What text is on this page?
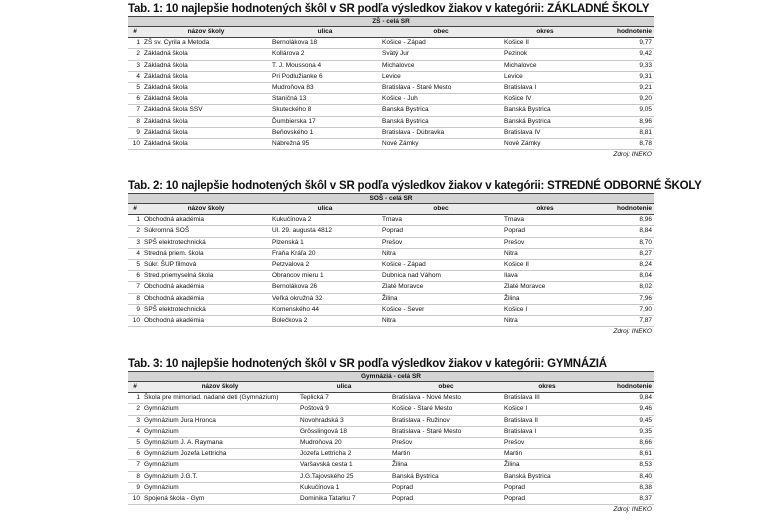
Tab. 1: 10 najlepšie hodnotených škôl v SR podľa výsledkov žiakov v kategórii: ZÁKLADNÉ ŠKOLY
ZŠ - celá SR
#	názov školy	ulica	obec	okres	hodnotenie
1	ZŠ sv. Cyrila a Metoda	Bernolákova 18	Košice - Západ	Košice II	9,77
2	Základná škola	Kollárova 2	Svätý Jur	Pezinok	9,42
3	Základná škola	T. J. Moussona 4	Michalovce	Michalovce	9,33
4	Základná škola	Pri Podlužianke 6	Levice	Levice	9,31
5	Základná škola	Mudroňova 83	Bratislava - Staré Mesto	Bratislava I	9,21
6	Základná škola	Staničná 13	Košice - Juh	Košice IV	9,20
7	Základná škola SSV	Skuteckého 8	Banská Bystrica	Banská Bystrica	9,05
8	Základná škola	Ďumbierska 17	Banská Bystrica	Banská Bystrica	8,96
9	Základná škola	Beňovského 1	Bratislava - Dúbravka	Bratislava IV	8,81
10	Základná škola	Nábrežná 95	Nové Zámky	Nové Zámky	8,78
Zdroj: INEKO
Tab. 2: 10 najlepšie hodnotených škôl v SR podľa výsledkov žiakov v kategórii: STREDNÉ ODBORNÉ ŠKOLY
SOŠ - celá SR
#	názov školy	ulica	obec	okres	hodnotenie
1	Obchodná akadémia	Kukučínova 2	Trnava	Trnava	8,96
2	Súkromná SOŠ	Ul. 29. augusta 4812	Poprad	Poprad	8,84
3	SPŠ elektrotechnická	Plzenská 1	Prešov	Prešov	8,70
4	Stredná priem. škola	Fraňa Kráľa 20	Nitra	Nitra	8,27
5	Súkr. ŠUP filmová	Petzvalova 2	Košice - Západ	Košice II	8,24
6	Stred.priemyselná škola	Obrancov mieru 1	Dubnica nad Váhom	Ilava	8,04
7	Obchodná akadémia	Bernolákova 26	Zlaté Moravce	Zlaté Moravce	8,02
8	Obchodná akadémia	Veľká okružná 32	Žilina	Žilina	7,96
9	SPŠ elektrotechnická	Komenského 44	Košice - Sever	Košice I	7,90
10	Obchodná akadémia	Bolečkova 2	Nitra	Nitra	7,87
Zdroj: INEKO
Tab. 3: 10 najlepšie hodnotených škôl v SR podľa výsledkov žiakov v kategórii: GYMNÁZIÁ
Gymnáziá - celá SR
#	názov školy	ulica	obec	okres	hodnotenie
1	Škola pre mimoriad. nadané deti (Gymnázium)	Teplická 7	Bratislava - Nové Mesto	Bratislava III	9,84
2	Gymnázium	Poštová 9	Košice - Staré Mesto	Košice I	9,46
3	Gymnázium Jura Hronca	Novohradská 3	Bratislava - Ružinov	Bratislava II	9,45
4	Gymnázium	Grösslingová 18	Bratislava - Staré Mesto	Bratislava I	9,35
5	Gymnázium J. A. Raymana	Mudroňova 20	Prešov	Prešov	8,66
6	Gymnázium Jozefa Lettricha	Jozefa Lettricha 2	Martin	Martin	8,61
7	Gymnázium	Varšavská cesta 1	Žilina	Žilina	8,53
8	Gymnázium J.G.T.	J.G.Tajovského 25	Banská Bystrica	Banská Bystrica	8,40
9	Gymnázium	Kukučínova 1	Poprad	Poprad	8,38
10	Spojená škola - Gym	Dominika Tatarku 7	Poprad	Poprad	8,37
Zdroj: INEKO
